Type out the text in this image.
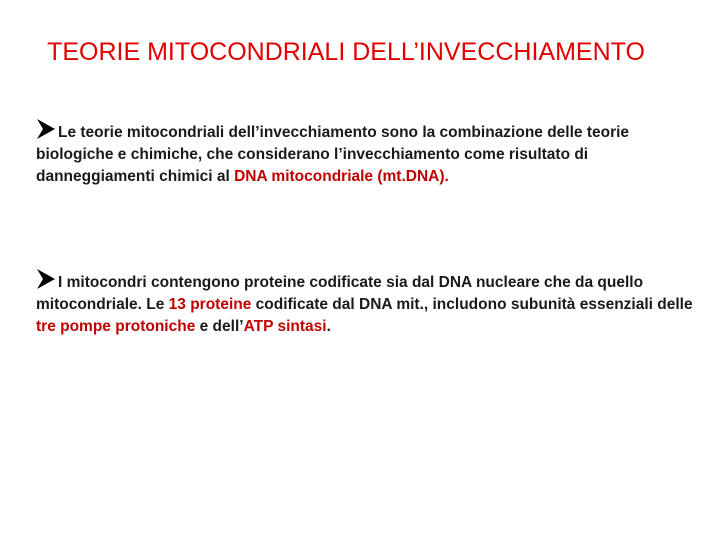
TEORIE MITOCONDRIALI DELL’INVECCHIAMENTO
Le teorie mitocondriali dell’invecchiamento sono la combinazione delle teorie biologiche e chimiche, che considerano l’invecchiamento come risultato di danneggiamenti chimici al DNA mitocondriale (mt.DNA).
I mitocondri contengono proteine codificate sia dal DNA nucleare che da quello mitocondriale. Le 13 proteine codificate dal DNA mit., includono subunità essenziali delle tre pompe protoniche e dell’ATP sintasi.
